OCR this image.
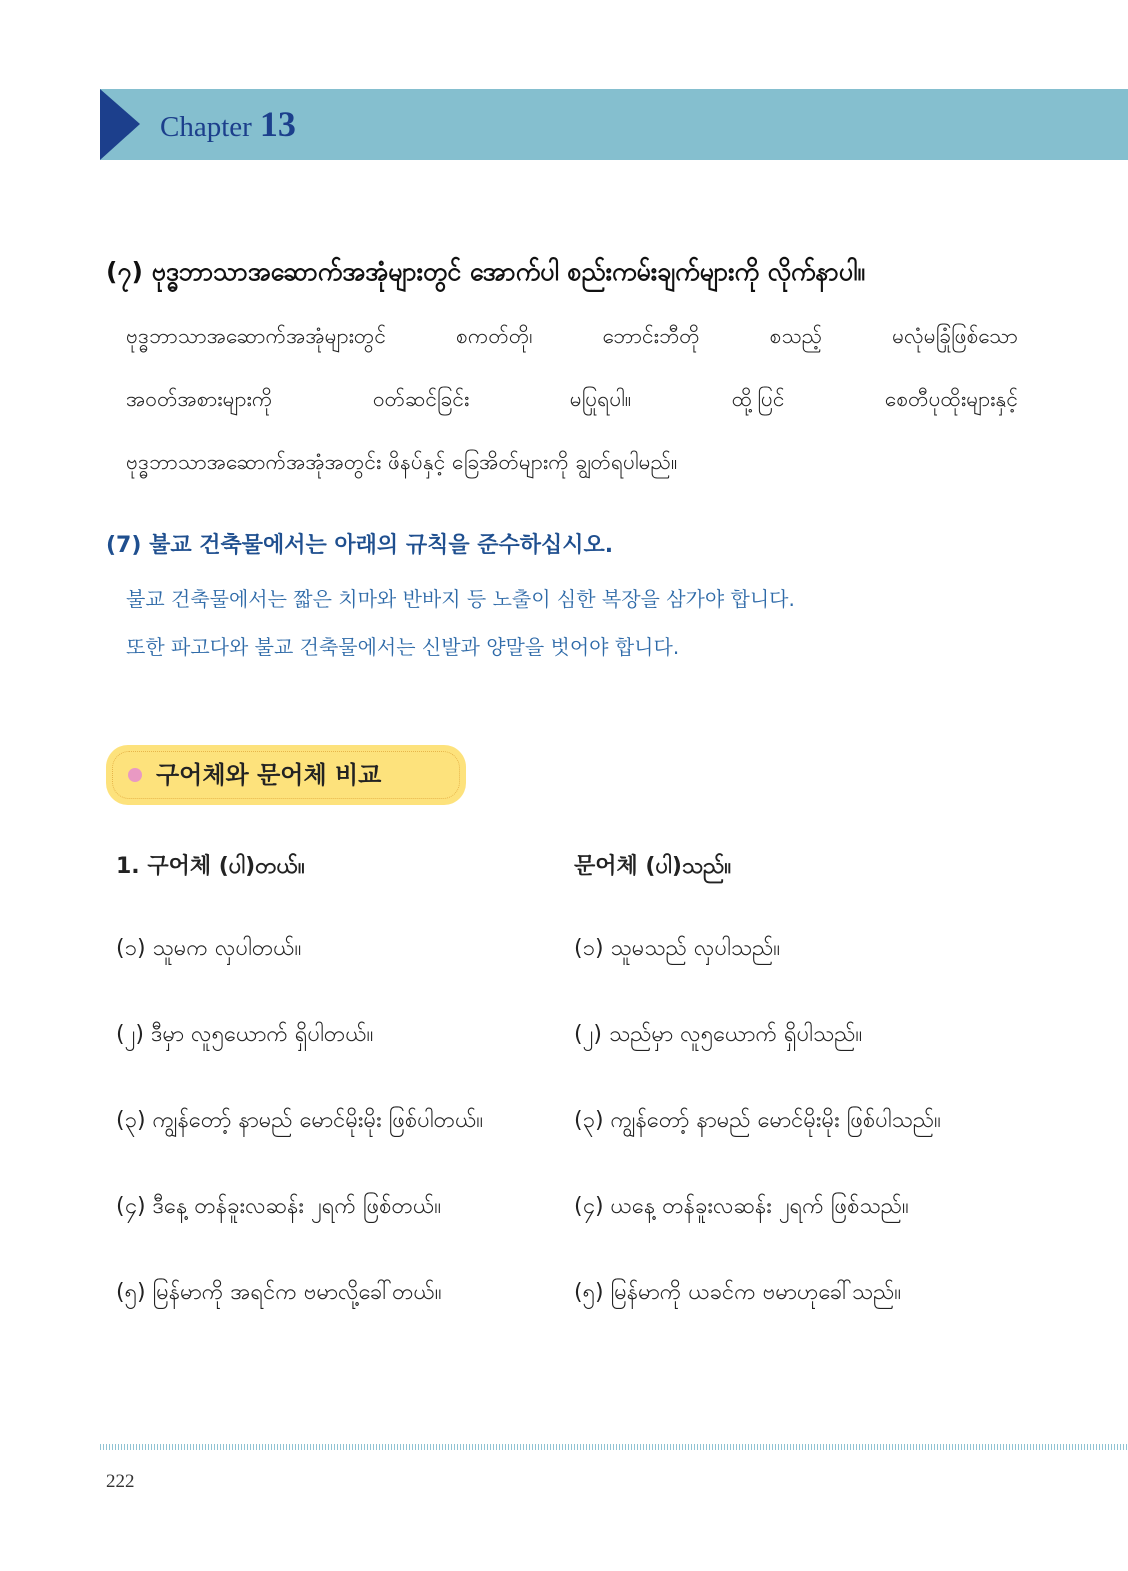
Chapter 13
(၇) ဗုဒ္ဓဘာသာအဆောက်အအုံများတွင် အောက်ပါ စည်းကမ်းချက်များကို လိုက်နာပါ။
ဗုဒ္ဓဘာသာအဆောက်အအုံများတွင်	စကတ်တို၊	ဘောင်းဘီတို	စသည့်	မလုံမခြုံဖြစ်သော
အဝတ်အစားများကို	ဝတ်ဆင်ခြင်း	မပြုရပါ။	ထို့ပြင်	စေတီပုထိုးများနှင့်
ဗုဒ္ဓဘာသာအဆောက်အအုံအတွင်း ဖိနပ်နှင့် ခြေအိတ်များကို ချွတ်ရပါမည်။
(7) 불교 건축물에서는 아래의 규칙을 준수하십시오.
불교 건축물에서는 짧은 치마와 반바지 등 노출이 심한 복장을 삼가야 합니다.
또한 파고다와 불교 건축물에서는 신발과 양말을 벗어야 합니다.
구어체와 문어체 비교
1. 구어체 (ပါ)တယ်။	문어체 (ပါ)သည်။
(၁) သူမက လှပါတယ်။	(၁) သူမသည် လှပါသည်။
(၂) ဒီမှာ လူ၅ယောက် ရှိပါတယ်။	(၂) သည်မှာ လူ၅ယောက် ရှိပါသည်။
(၃) ကျွန်တော့် နာမည် မောင်မိုးမိုး ဖြစ်ပါတယ်။	(၃) ကျွန်တော့် နာမည် မောင်မိုးမိုး ဖြစ်ပါသည်။
(၄) ဒီနေ့ တန်ခူးလဆန်း ၂ရက် ဖြစ်တယ်။	(၄) ယနေ့ တန်ခူးလဆန်း ၂ရက် ဖြစ်သည်။
(၅) မြန်မာကို အရင်က ဗမာလို့ခေါ်တယ်။	(၅) မြန်မာကို ယခင်က ဗမာဟုခေါ်သည်။
222
